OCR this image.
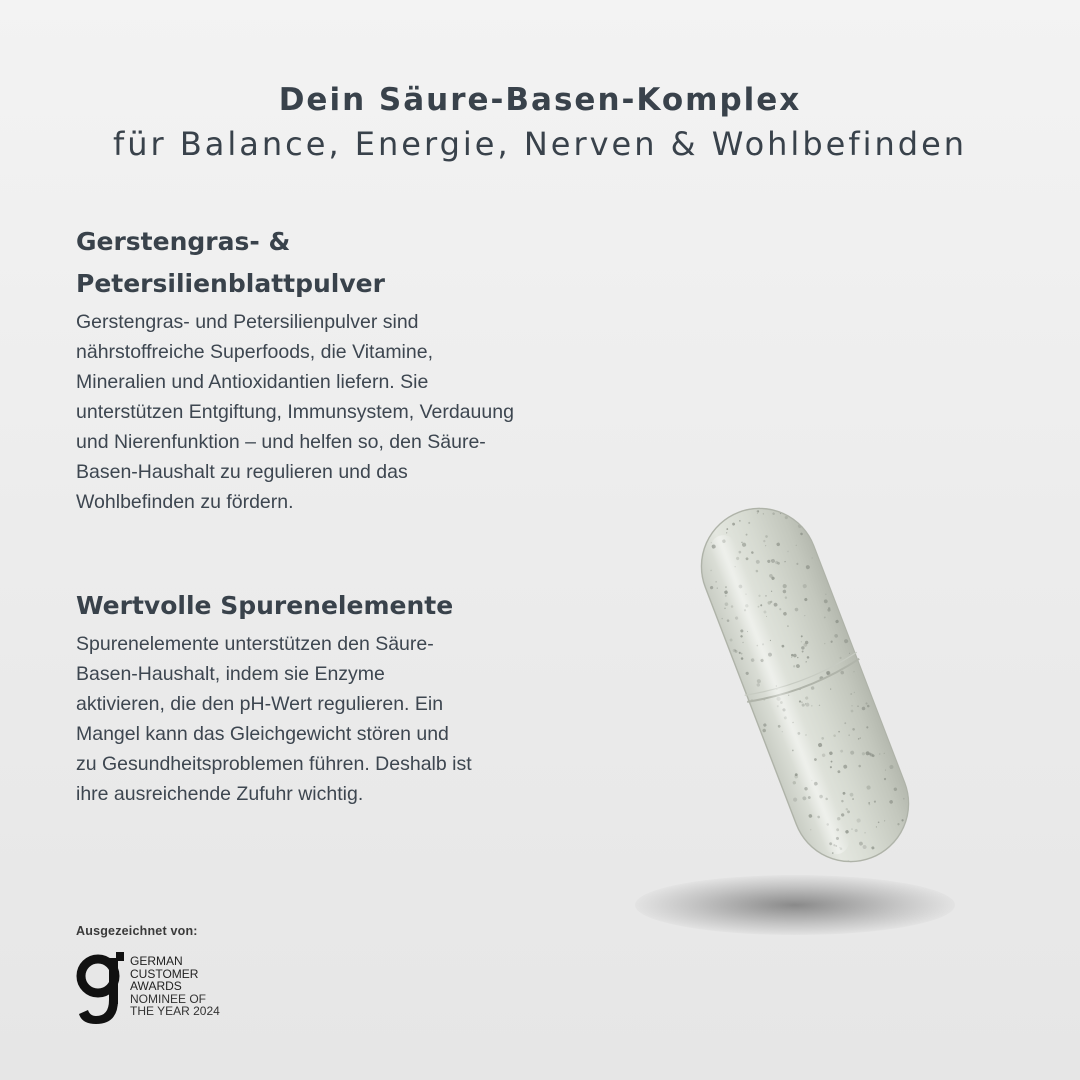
Dein Säure-Basen-Komplex
für Balance, Energie, Nerven & Wohlbefinden
Gerstengras- &
Petersilienblattpulver

Gerstengras- und Petersilienpulver sind
nährstoffreiche Superfoods, die Vitamine,
Mineralien und Antioxidantien liefern. Sie
unterstützen Entgiftung, Immunsystem, Verdauung
und Nierenfunktion – und helfen so, den Säure-
Basen-Haushalt zu regulieren und das
Wohlbefinden zu fördern.

Wertvolle Spurenelemente

Spurenelemente unterstützen den Säure-
Basen-Haushalt, indem sie Enzyme
aktivieren, die den pH-Wert regulieren. Ein
Mangel kann das Gleichgewicht stören und
zu Gesundheitsproblemen führen. Deshalb ist
ihre ausreichende Zufuhr wichtig.

Ausgezeichnet von:
GERMAN
CUSTOMER
AWARDS
NOMINEE OF
THE YEAR 2024
